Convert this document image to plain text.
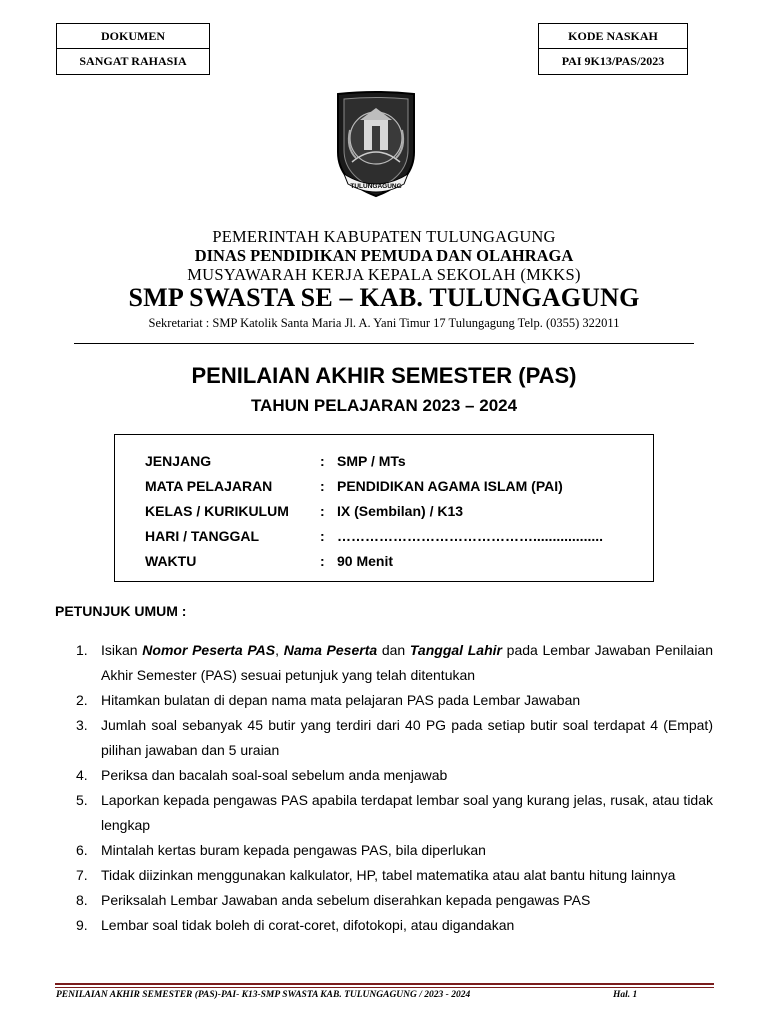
DOKUMEN
SANGAT RAHASIA
KODE NASKAH
PAI 9K13/PAS/2023
TULUNGAGUNG
PEMERINTAH KABUPATEN TULUNGAGUNG
DINAS PENDIDIKAN PEMUDA DAN OLAHRAGA
MUSYAWARAH KERJA KEPALA SEKOLAH (MKKS)
SMP SWASTA SE – KAB. TULUNGAGUNG
Sekretariat : SMP Katolik Santa Maria Jl. A. Yani Timur 17 Tulungagung Telp. (0355) 322011
PENILAIAN AKHIR SEMESTER (PAS)
TAHUN PELAJARAN 2023 – 2024
JENJANG	: SMP / MTs
MATA PELAJARAN	: PENDIDIKAN AGAMA ISLAM (PAI)
KELAS / KURIKULUM	: IX (Sembilan) / K13
HARI / TANGGAL	: ……………………………………..................
WAKTU	: 90 Menit
PETUNJUK UMUM :
1. Isikan Nomor Peserta PAS, Nama Peserta dan Tanggal Lahir pada Lembar Jawaban Penilaian Akhir Semester (PAS) sesuai petunjuk yang telah ditentukan
2. Hitamkan bulatan di depan nama mata pelajaran PAS pada Lembar Jawaban
3. Jumlah soal sebanyak 45 butir yang terdiri dari 40 PG pada setiap butir soal terdapat 4 (Empat) pilihan jawaban dan 5 uraian
4. Periksa dan bacalah soal-soal sebelum anda menjawab
5. Laporkan kepada pengawas PAS apabila terdapat lembar soal yang kurang jelas, rusak, atau tidak lengkap
6. Mintalah kertas buram kepada pengawas PAS, bila diperlukan
7. Tidak diizinkan menggunakan kalkulator, HP, tabel matematika atau alat bantu hitung lainnya
8. Periksalah Lembar Jawaban anda sebelum diserahkan kepada pengawas PAS
9. Lembar soal tidak boleh di corat-coret, difotokopi, atau digandakan
PENILAIAN AKHIR SEMESTER (PAS)-PAI- K13-SMP SWASTA KAB. TULUNGAGUNG / 2023 - 2024	Hal. 1
